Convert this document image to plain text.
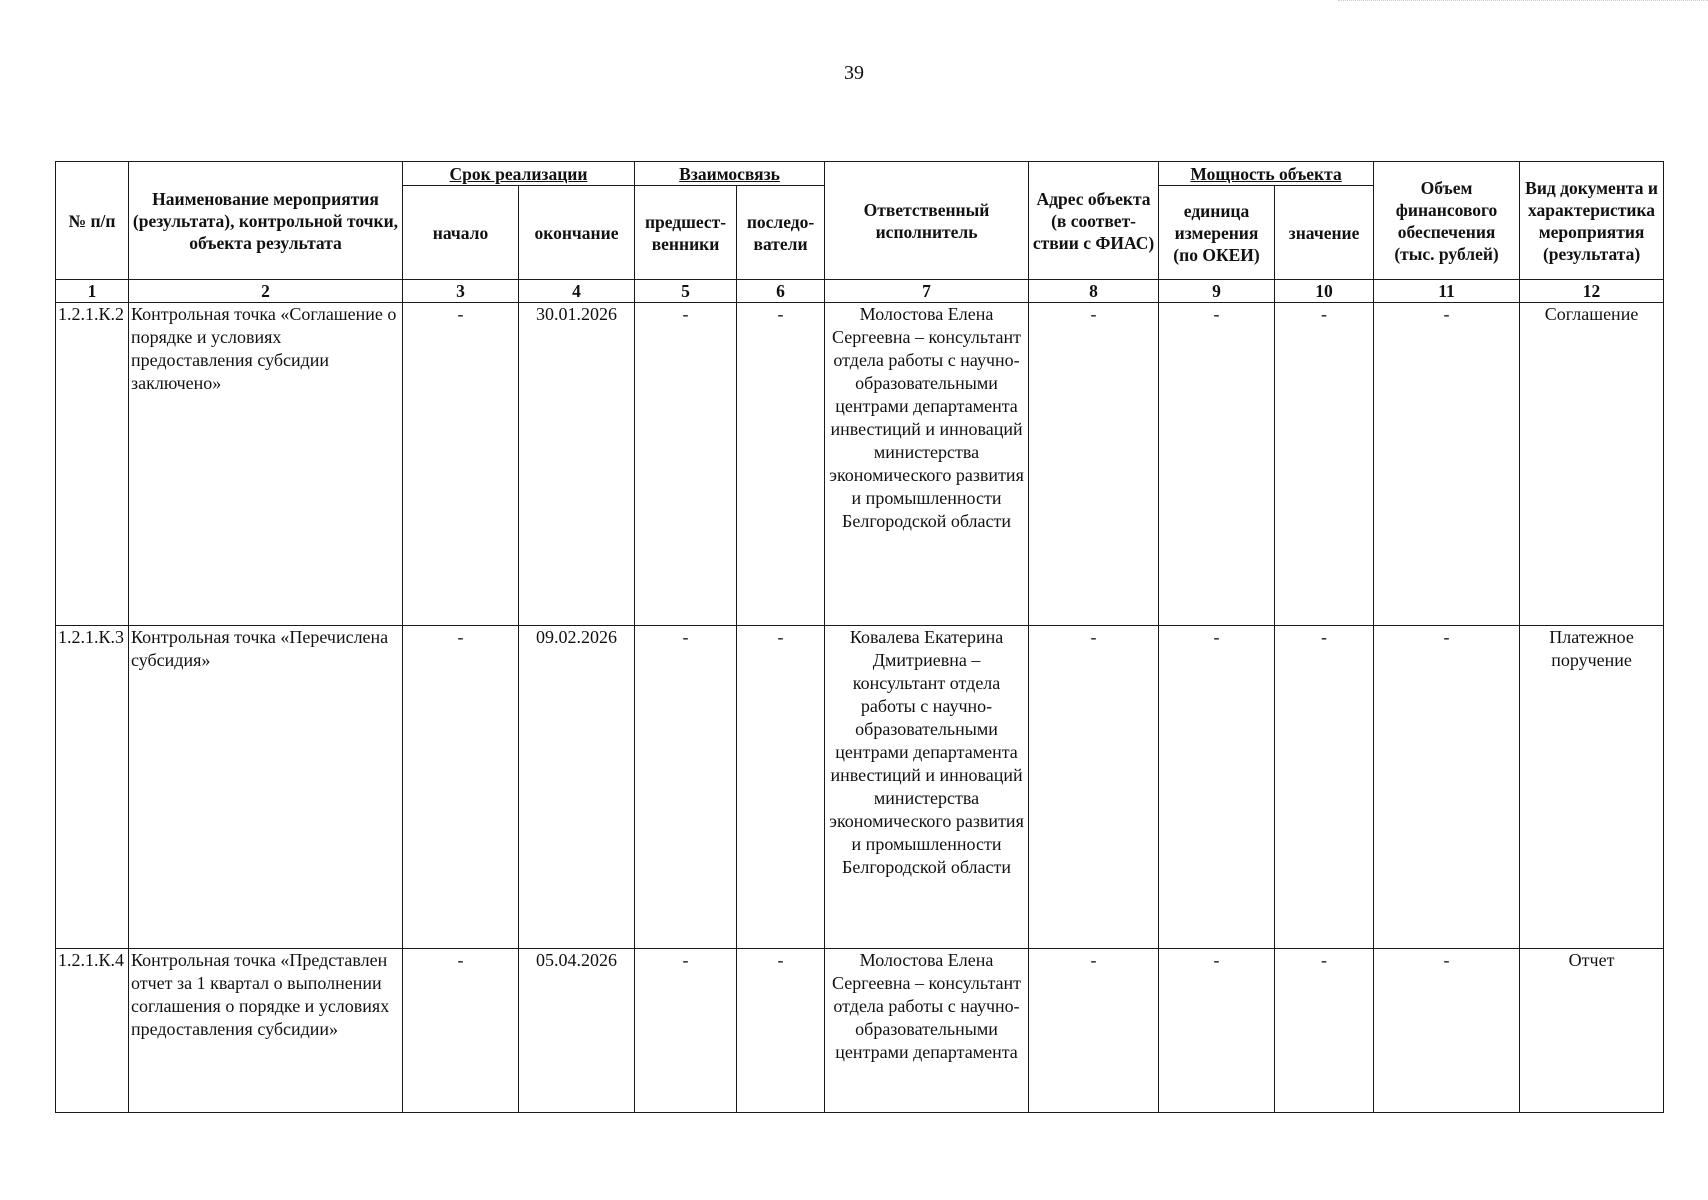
39
№ п/п	Наименование мероприятия (результата), контрольной точки, объекта результата	Срок реализации		Взаимосвязь		Ответственный исполнитель	Адрес объекта (в соответ-ствии с ФИАС)	Мощность объекта		Объем финансового обеспечения (тыс. рублей)	Вид документа и характеристика мероприятия (результата)
		начало	окончание	предшест-венники	последо-ватели			единица измерения (по ОКЕИ)	значение		
1	2	3	4	5	6	7	8	9	10	11	12
1.2.1.К.2	Контрольная точка «Соглашение о порядке и условиях предоставления субсидии заключено»	-	30.01.2026	-	-	Молостова Елена Сергеевна – консультант отдела работы с научно-образовательными центрами департамента инвестиций и инноваций министерства экономического развития и промышленности Белгородской области	-	-	-	-	Соглашение
1.2.1.К.3	Контрольная точка «Перечислена субсидия»	-	09.02.2026	-	-	Ковалева Екатерина Дмитриевна – консультант отдела работы с научно-образовательными центрами департамента инвестиций и инноваций министерства экономического развития и промышленности Белгородской области	-	-	-	-	Платежное поручение
1.2.1.К.4	Контрольная точка «Представлен отчет за 1 квартал о выполнении соглашения о порядке и условиях предоставления субсидии»	-	05.04.2026	-	-	Молостова Елена Сергеевна – консультант отдела работы с научно-образовательными центрами департамента	-	-	-	-	Отчет
